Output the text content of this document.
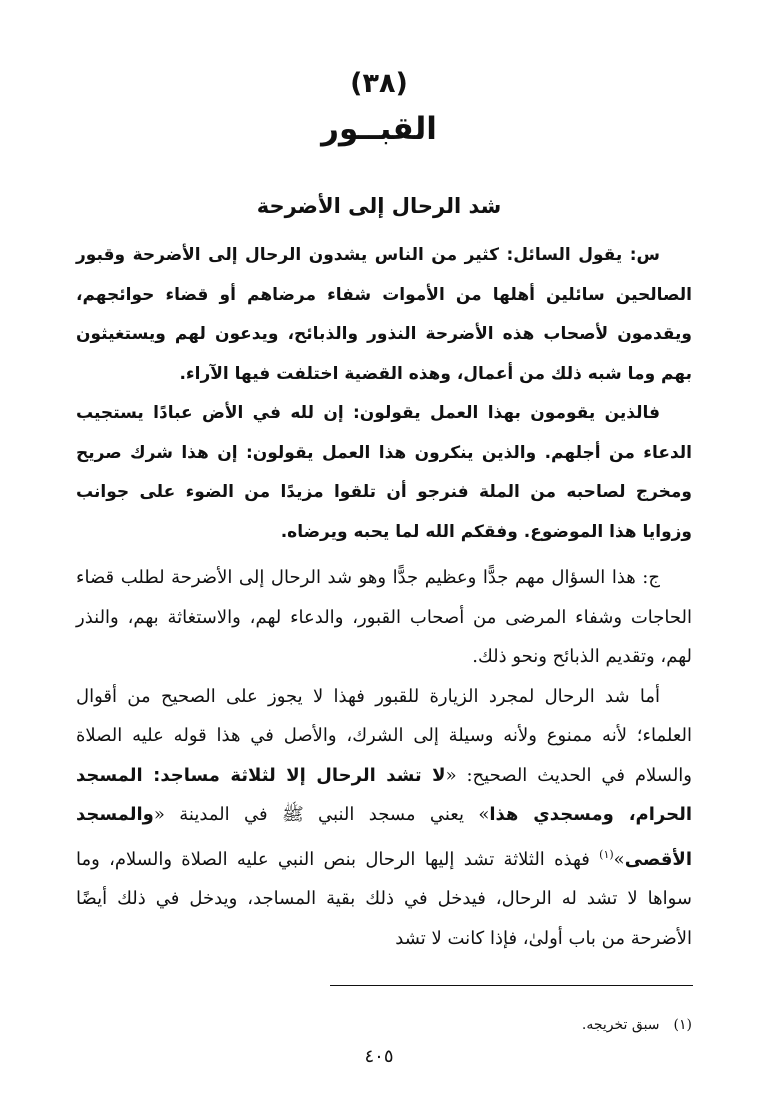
(٣٨)
القبــور
شد الرحال إلى الأضرحة

س: يقول السائل: كثير من الناس يشدون الرحال إلى الأضرحة وقبور الصالحين سائلين أهلها من الأموات شفاء مرضاهم أو قضاء حوائجهم، ويقدمون لأصحاب هذه الأضرحة النذور والذبائح، ويدعون لهم ويستغيثون بهم وما شبه ذلك من أعمال، وهذه القضية اختلفت فيها الآراء.

فالذين يقومون بهذا العمل يقولون: إن لله في الأض عبادًا يستجيب الدعاء من أجلهم. والذين ينكرون هذا العمل يقولون: إن هذا شرك صريح ومخرج لصاحبه من الملة فنرجو أن تلقوا مزيدًا من الضوء على جوانب وزوايا هذا الموضوع. وفقكم الله لما يحبه ويرضاه.

ج: هذا السؤال مهم جدًّا وعظيم جدًّا وهو شد الرحال إلى الأضرحة لطلب قضاء الحاجات وشفاء المرضى من أصحاب القبور، والدعاء لهم، والاستغاثة بهم، والنذر لهم، وتقديم الذبائح ونحو ذلك.

أما شد الرحال لمجرد الزيارة للقبور فهذا لا يجوز على الصحيح من أقوال العلماء؛ لأنه ممنوع ولأنه وسيلة إلى الشرك، والأصل في هذا قوله عليه الصلاة والسلام في الحديث الصحيح: «لا تشد الرحال إلا لثلاثة مساجد: المسجد الحرام، ومسجدي هذا» يعني مسجد النبي ﷺ في المدينة «والمسجد الأقصى»$^{(١)}$ فهذه الثلاثة تشد إليها الرحال بنص النبي عليه الصلاة والسلام، وما سواها لا تشد له الرحال، فيدخل في ذلك بقية المساجد، ويدخل في ذلك أيضًا الأضرحة من باب أولىٰ، فإذا كانت لا تشد

(١)سبق تخريجه.

٤٠٥
